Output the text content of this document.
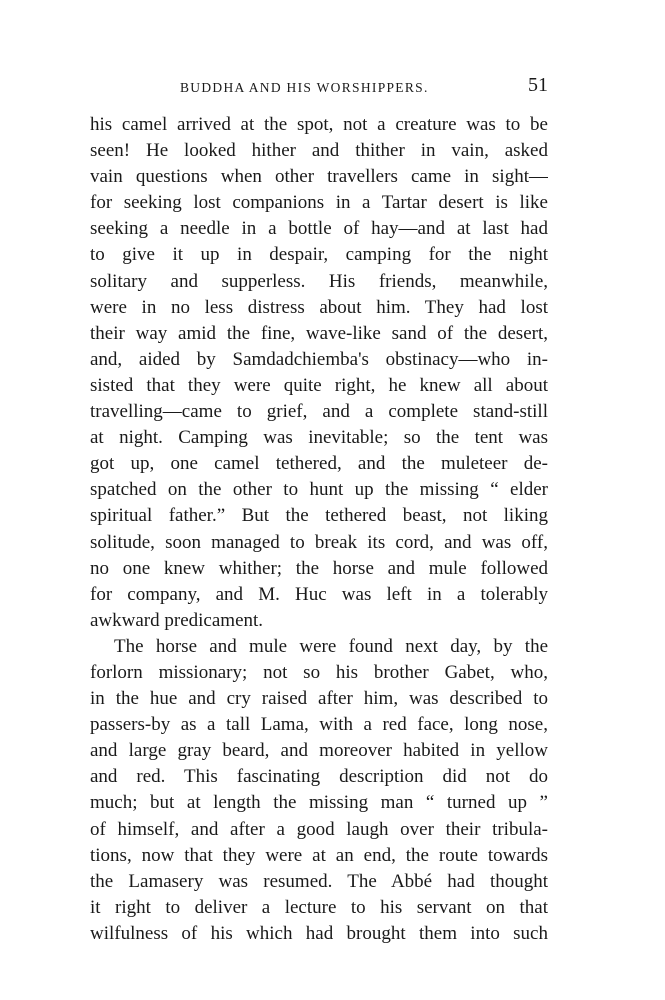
BUDDHA AND HIS WORSHIPPERS.	51
his camel arrived at the spot, not a creature was to be
seen! He looked hither and thither in vain, asked
vain questions when other travellers came in sight—
for seeking lost companions in a Tartar desert is like
seeking a needle in a bottle of hay—and at last had
to give it up in despair, camping for the night
solitary and supperless. His friends, meanwhile,
were in no less distress about him. They had lost
their way amid the fine, wave-like sand of the desert,
and, aided by Samdadchiemba's obstinacy—who in-
sisted that they were quite right, he knew all about
travelling—came to grief, and a complete stand-still
at night. Camping was inevitable; so the tent was
got up, one camel tethered, and the muleteer de-
spatched on the other to hunt up the missing “ elder
spiritual father.” But the tethered beast, not liking
solitude, soon managed to break its cord, and was off,
no one knew whither; the horse and mule followed
for company, and M. Huc was left in a tolerably
awkward predicament.
The horse and mule were found next day, by the
forlorn missionary; not so his brother Gabet, who,
in the hue and cry raised after him, was described to
passers-by as a tall Lama, with a red face, long nose,
and large gray beard, and moreover habited in yellow
and red. This fascinating description did not do
much; but at length the missing man “ turned up ”
of himself, and after a good laugh over their tribula-
tions, now that they were at an end, the route towards
the Lamasery was resumed. The Abbé had thought
it right to deliver a lecture to his servant on that
wilfulness of his which had brought them into such
